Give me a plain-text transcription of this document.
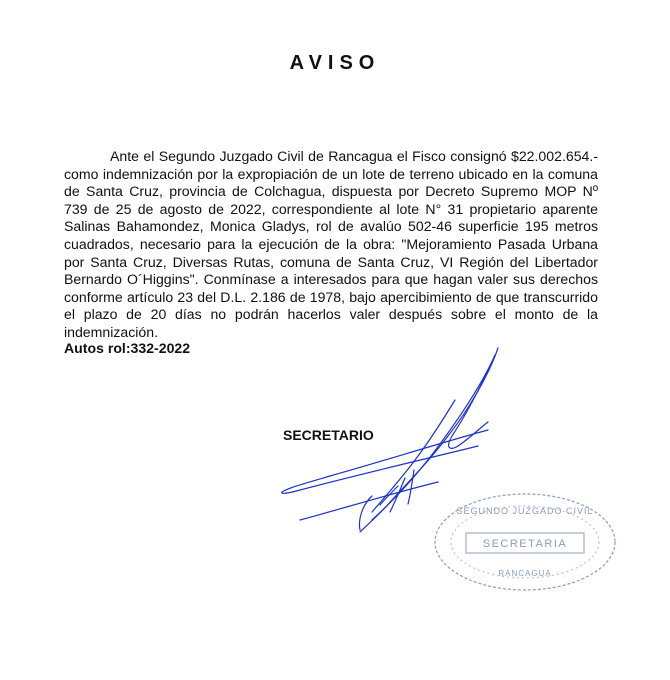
AVISO

Ante el Segundo Juzgado Civil de Rancagua el Fisco consignó $22.002.654.- como indemnización por la expropiación de un lote de terreno ubicado en la comuna de Santa Cruz, provincia de Colchagua, dispuesta por Decreto Supremo MOP Nº 739 de 25 de agosto de 2022, correspondiente al lote N° 31 propietario aparente Salinas Bahamondez, Monica Gladys, rol de avalúo 502-46 superficie 195 metros cuadrados, necesario para la ejecución de la obra: "Mejoramiento Pasada Urbana por Santa Cruz, Diversas Rutas, comuna de Santa Cruz, VI Región del Libertador Bernardo O´Higgins". Conmínase a interesados para que hagan valer sus derechos conforme artículo 23 del D.L. 2.186 de 1978, bajo apercibimiento de que transcurrido el plazo de 20 días no podrán hacerlos valer después sobre el monto de la indemnización.

Autos rol:332-2022

SECRETARIO

SEGUNDO JUZGADO CIVIL
SECRETARIA
RANCAGUA
